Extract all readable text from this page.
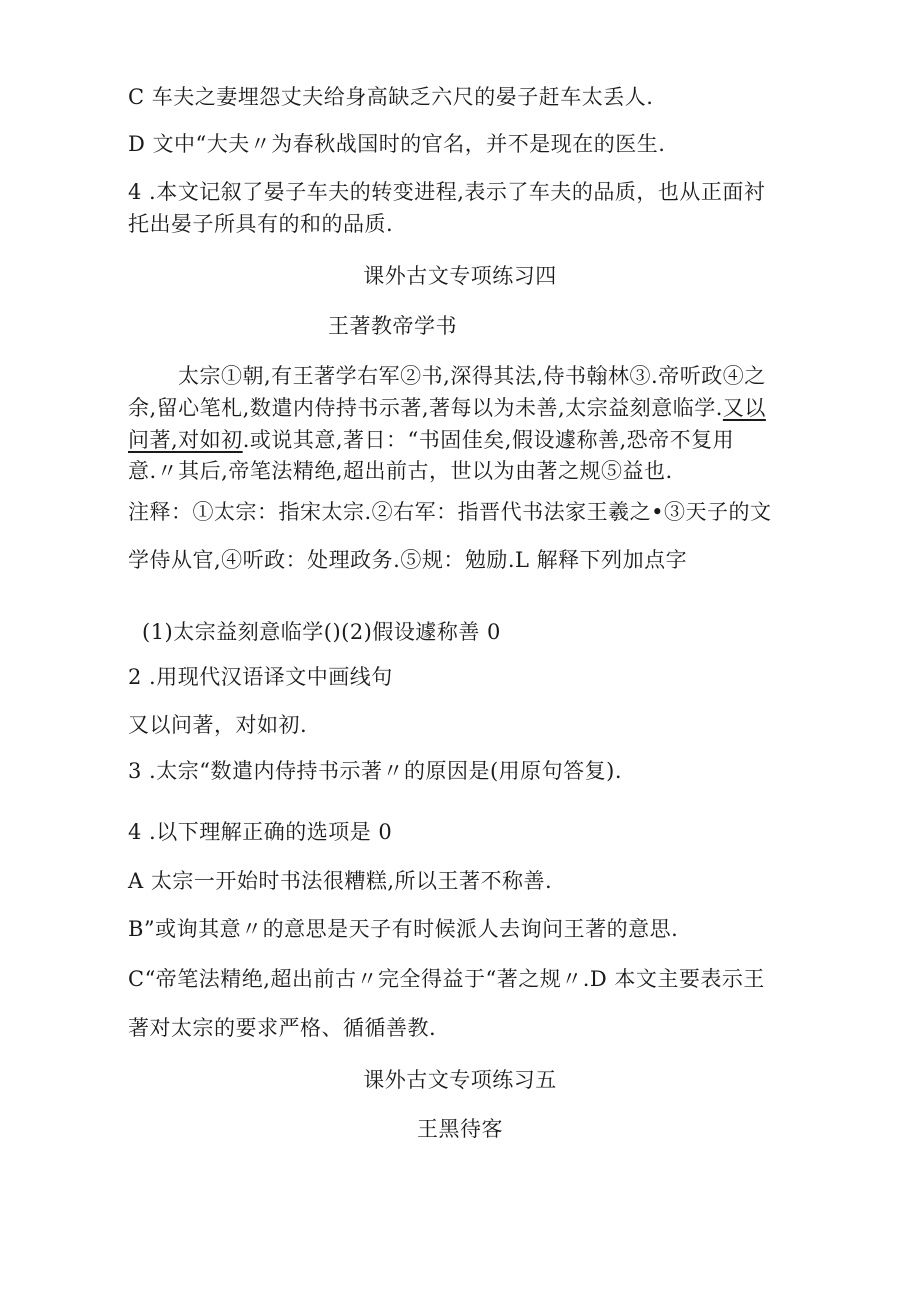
C 车夫之妻埋怨丈夫给身高缺乏六尺的晏子赶车太丢人.
D 文中“大夫〃为春秋战国时的官名，并不是现在的医生.
4 .本文记叙了晏子车夫的转变进程,表示了车夫的品质，也从正面衬
托出晏子所具有的和的品质.
课外古文专项练习四
王著教帝学书
太宗①朝,有王著学右军②书,深得其法,侍书翰林③.帝听政④之
余,留心笔札,数遣内侍持书示著,著每以为未善,太宗益刻意临学.又以
问著,对如初.或说其意,著日：“书固佳矣,假设遽称善,恐帝不复用
意.〃其后,帝笔法精绝,超出前古，世以为由著之规⑤益也.
注释：①太宗：指宋太宗.②右军：指晋代书法家王羲之•③天子的文
学侍从官,④听政：处理政务.⑤规：勉励.L 解释下列加点字
(1)太宗益刻意临学()(2)假设遽称善 0
2 .用现代汉语译文中画线句
又以问著，对如初.
3 .太宗“数遣内侍持书示著〃的原因是(用原句答复).
4 .以下理解正确的选项是 0
A 太宗一开始时书法很糟糕,所以王著不称善.
B”或询其意〃的意思是天子有时候派人去询问王著的意思.
C“帝笔法精绝,超出前古〃完全得益于“著之规〃.D 本文主要表示王
著对太宗的要求严格、循循善教.
课外古文专项练习五
王黑待客
